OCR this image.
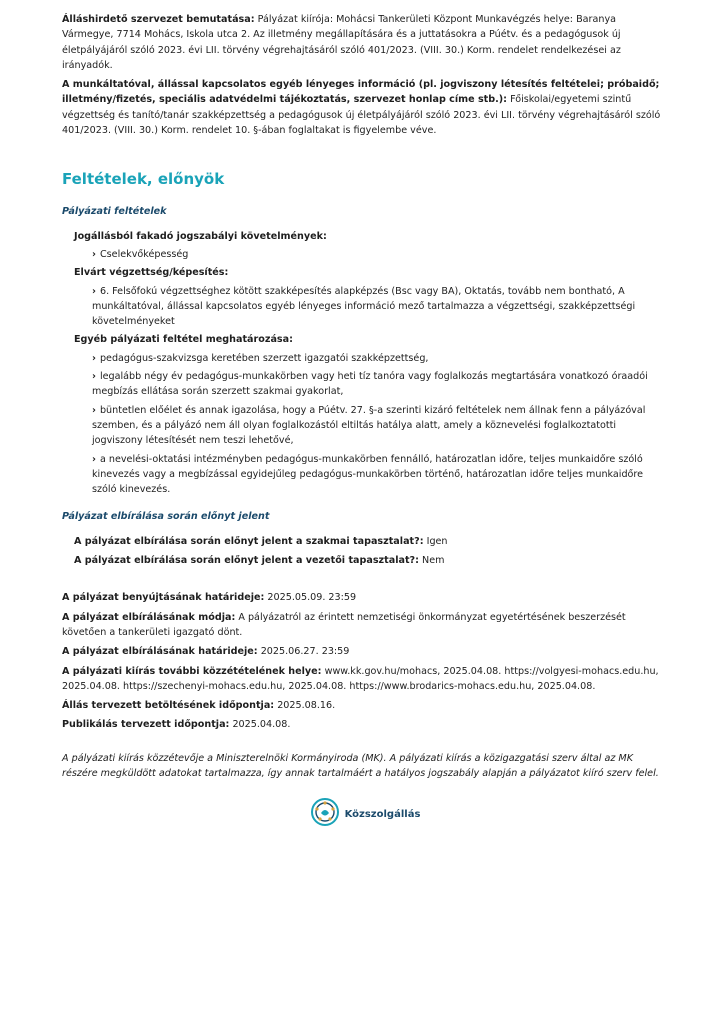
Álláshirdető szervezet bemutatása: Pályázat kiírója: Mohácsi Tankerületi Központ Munkavégzés helye: Baranya Vármegye, 7714 Mohács, Iskola utca 2. Az illetmény megállapítására és a juttatásokra a Púétv. és a pedagógusok új életpályájáról szóló 2023. évi LII. törvény végrehajtásáról szóló 401/2023. (VIII. 30.) Korm. rendelet rendelkezései az irányadók.

A munkáltatóval, állással kapcsolatos egyéb lényeges információ (pl. jogviszony létesítés feltételei; próbaidő; illetmény/fizetés, speciális adatvédelmi tájékoztatás, szervezet honlap címe stb.): Főiskolai/egyetemi szintű végzettség és tanító/tanár szakképzettség a pedagógusok új életpályájáról szóló 2023. évi LII. törvény végrehajtásáról szóló 401/2023. (VIII. 30.) Korm. rendelet 10. §-ában foglaltakat is figyelembe véve.

Feltételek, előnyök
Pályázati feltételek
Jogállásból fakadó jogszabályi követelmények:
› Cselekvőképesség
Elvárt végzettség/képesítés:
› 6. Felsőfokú végzettséghez kötött szakképesítés alapképzés (Bsc vagy BA), Oktatás, tovább nem bontható, A munkáltatóval, állással kapcsolatos egyéb lényeges információ mező tartalmazza a végzettségi, szakképzettségi követelményeket
Egyéb pályázati feltétel meghatározása:
› pedagógus-szakvizsga keretében szerzett igazgatói szakképzettség,
› legalább négy év pedagógus-munkakörben vagy heti tíz tanóra vagy foglalkozás megtartására vonatkozó óraadói megbízás ellátása során szerzett szakmai gyakorlat,
› büntetlen előélet és annak igazolása, hogy a Púétv. 27. §-a szerinti kizáró feltételek nem állnak fenn a pályázóval szemben, és a pályázó nem áll olyan foglalkozástól eltiltás hatálya alatt, amely a köznevelési foglalkoztatotti jogviszony létesítését nem teszi lehetővé,
› a nevelési-oktatási intézményben pedagógus-munkakörben fennálló, határozatlan időre, teljes munkaidőre szóló kinevezés vagy a megbízással egyidejűleg pedagógus-munkakörben történő, határozatlan időre teljes munkaidőre szóló kinevezés.
Pályázat elbírálása során előnyt jelent

A pályázat elbírálása során előnyt jelent a szakmai tapasztalat?: Igen

A pályázat elbírálása során előnyt jelent a vezetői tapasztalat?: Nem

A pályázat benyújtásának határideje: 2025.05.09. 23:59

A pályázat elbírálásának módja: A pályázatról az érintett nemzetiségi önkormányzat egyetértésének beszerzését követően a tankerületi igazgató dönt.

A pályázat elbírálásának határideje: 2025.06.27. 23:59

A pályázati kiírás további közzétételének helye: www.kk.gov.hu/mohacs, 2025.04.08. https://volgyesi-mohacs.edu.hu, 2025.04.08. https://szechenyi-mohacs.edu.hu, 2025.04.08. https://www.brodarics-mohacs.edu.hu, 2025.04.08.

Állás tervezett betöltésének időpontja: 2025.08.16.

Publikálás tervezett időpontja: 2025.04.08.

A pályázati kiírás közzétevője a Miniszterelnöki Kormányiroda (MK). A pályázati kiírás a közigazgatási szerv által az MK részére megküldött adatokat tartalmazza, így annak tartalmáért a hatályos jogszabály alapján a pályázatot kiíró szerv felel.

Közszolgállás
